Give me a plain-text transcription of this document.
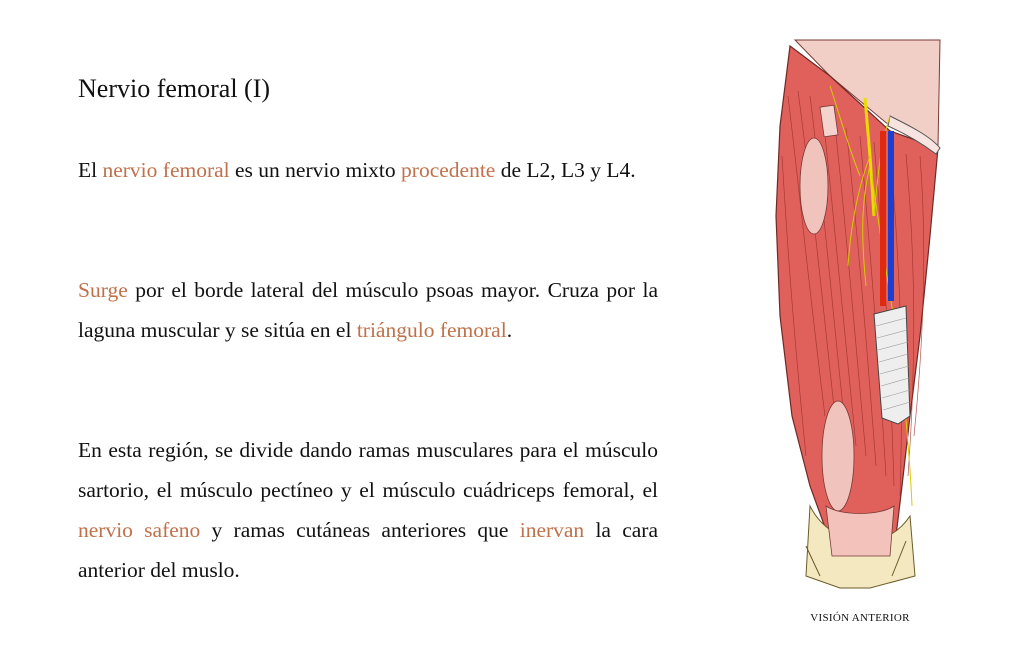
Nervio femoral (I)

El nervio femoral es un nervio mixto procedente de L2, L3 y L4.

Surge por el borde lateral del músculo psoas mayor. Cruza por la laguna muscular y se sitúa en el triángulo femoral.

En esta región, se divide dando ramas musculares para el músculo sartorio, el músculo pectíneo y el músculo cuádriceps femoral, el nervio safeno y ramas cutáneas anteriores que inervan la cara anterior del muslo.

VISIÓN ANTERIOR
